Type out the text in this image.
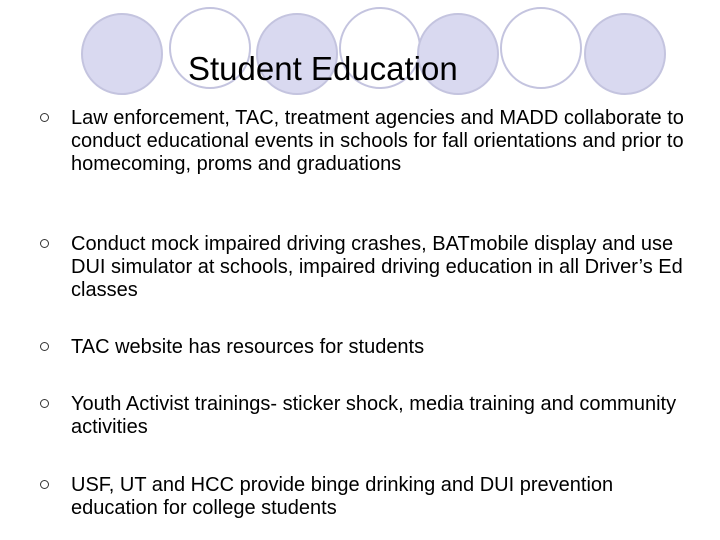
Student Education
Law enforcement, TAC, treatment agencies and MADD collaborate to conduct educational events in schools for fall orientations and prior to homecoming, proms and graduations
Conduct mock impaired driving crashes, BATmobile display and use DUI simulator at schools, impaired driving education in all Driver’s Ed classes
TAC website has resources for students
Youth Activist trainings- sticker shock, media training and community activities
USF, UT and HCC provide binge drinking and DUI prevention education for college students
